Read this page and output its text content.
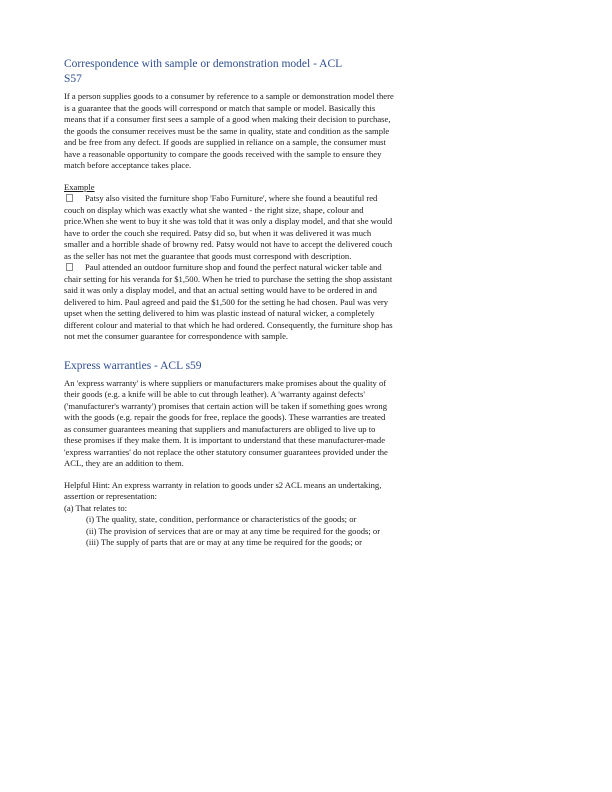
Correspondence with sample or demonstration model - ACL
S57

If a person supplies goods to a consumer by reference to a sample or demonstration model there is a guarantee that the goods will correspond or match that sample or model. Basically this means that if a consumer first sees a sample of a good when making their decision to purchase, the goods the consumer receives must be the same in quality, state and condition as the sample and be free from any defect. If goods are supplied in reliance on a sample, the consumer must have a reasonable opportunity to compare the goods received with the sample to ensure they match before acceptance takes place.

Example

Patsy also visited the furniture shop 'Fabo Furniture', where she found a beautiful red couch on display which was exactly what she wanted - the right size, shape, colour and price.When she went to buy it she was told that it was only a display model, and that she would have to order the couch she required. Patsy did so, but when it was delivered it was much smaller and a horrible shade of browny red. Patsy would not have to accept the delivered couch as the seller has not met the guarantee that goods must correspond with description.

Paul attended an outdoor furniture shop and found the perfect natural wicker table and chair setting for his veranda for $1,500. When he tried to purchase the setting the shop assistant said it was only a display model, and that an actual setting would have to be ordered in and delivered to him. Paul agreed and paid the $1,500 for the setting he had chosen. Paul was very upset when the setting delivered to him was plastic instead of natural wicker, a completely different colour and material to that which he had ordered. Consequently, the furniture shop has not met the consumer guarantee for correspondence with sample.

Express warranties - ACL s59

An 'express warranty' is where suppliers or manufacturers make promises about the quality of their goods (e.g. a knife will be able to cut through leather). A 'warranty against defects' ('manufacturer's warranty') promises that certain action will be taken if something goes wrong with the goods (e.g. repair the goods for free, replace the goods). These warranties are treated as consumer guarantees meaning that suppliers and manufacturers are obliged to live up to these promises if they make them. It is important to understand that these manufacturer-made 'express warranties' do not replace the other statutory consumer guarantees provided under the ACL, they are an addition to them.

Helpful Hint: An express warranty in relation to goods under s2 ACL means an undertaking, assertion or representation:

(a) That relates to:

(i) The quality, state, condition, performance or characteristics of the goods; or

(ii) The provision of services that are or may at any time be required for the goods; or

(iii) The supply of parts that are or may at any time be required for the goods; or
